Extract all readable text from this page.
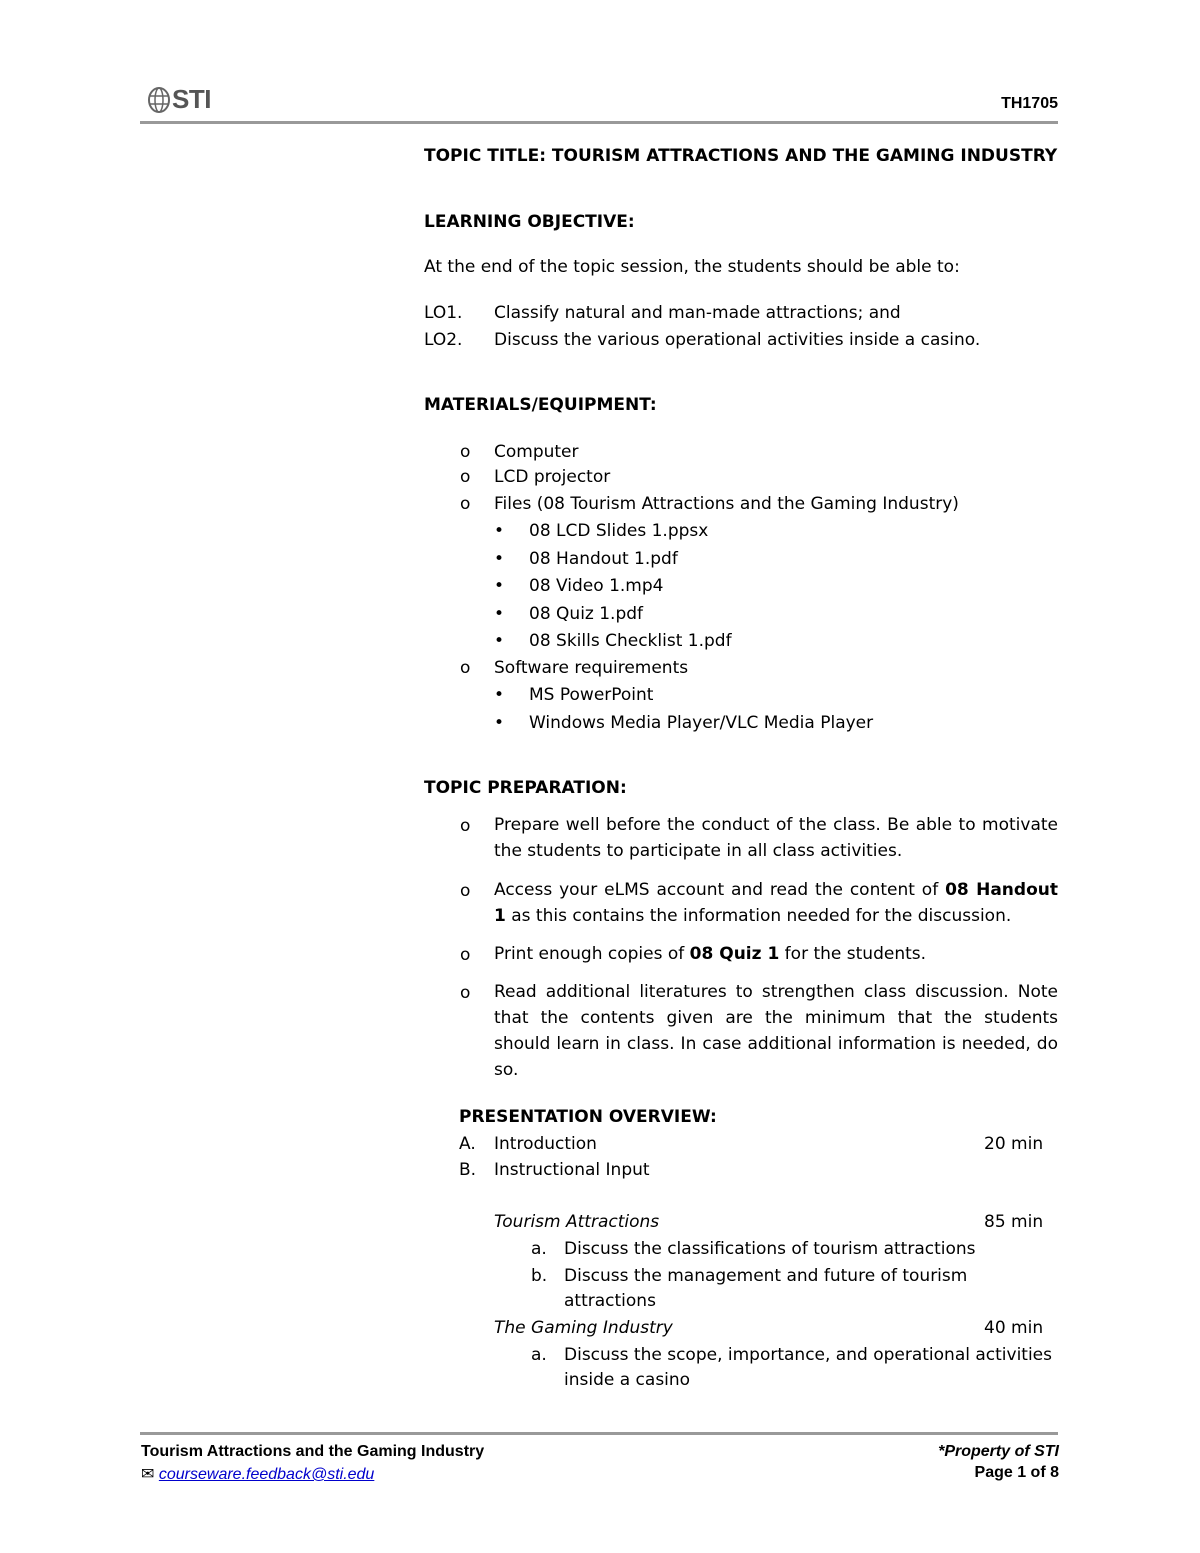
STI	TH1705
TOPIC TITLE: TOURISM ATTRACTIONS AND THE GAMING INDUSTRY
LEARNING OBJECTIVE:
At the end of the topic session, the students should be able to:
LO1. Classify natural and man-made attractions; and
LO2. Discuss the various operational activities inside a casino.
MATERIALS/EQUIPMENT:
o Computer
o LCD projector
o Files (08 Tourism Attractions and the Gaming Industry)
• 08 LCD Slides 1.ppsx
• 08 Handout 1.pdf
• 08 Video 1.mp4
• 08 Quiz 1.pdf
• 08 Skills Checklist 1.pdf
o Software requirements
• MS PowerPoint
• Windows Media Player/VLC Media Player
TOPIC PREPARATION:
o Prepare well before the conduct of the class. Be able to motivate the students to participate in all class activities.
o Access your eLMS account and read the content of 08 Handout 1 as this contains the information needed for the discussion.
o Print enough copies of 08 Quiz 1 for the students.
o Read additional literatures to strengthen class discussion. Note that the contents given are the minimum that the students should learn in class. In case additional information is needed, do so.
PRESENTATION OVERVIEW:
A. Introduction	20 min
B. Instructional Input
Tourism Attractions	85 min
a. Discuss the classifications of tourism attractions
b. Discuss the management and future of tourism
attractions
The Gaming Industry	40 min
a. Discuss the scope, importance, and operational activities
inside a casino
Tourism Attractions and the Gaming Industry
✉ courseware.feedback@sti.edu
*Property of STI
Page 1 of 8
